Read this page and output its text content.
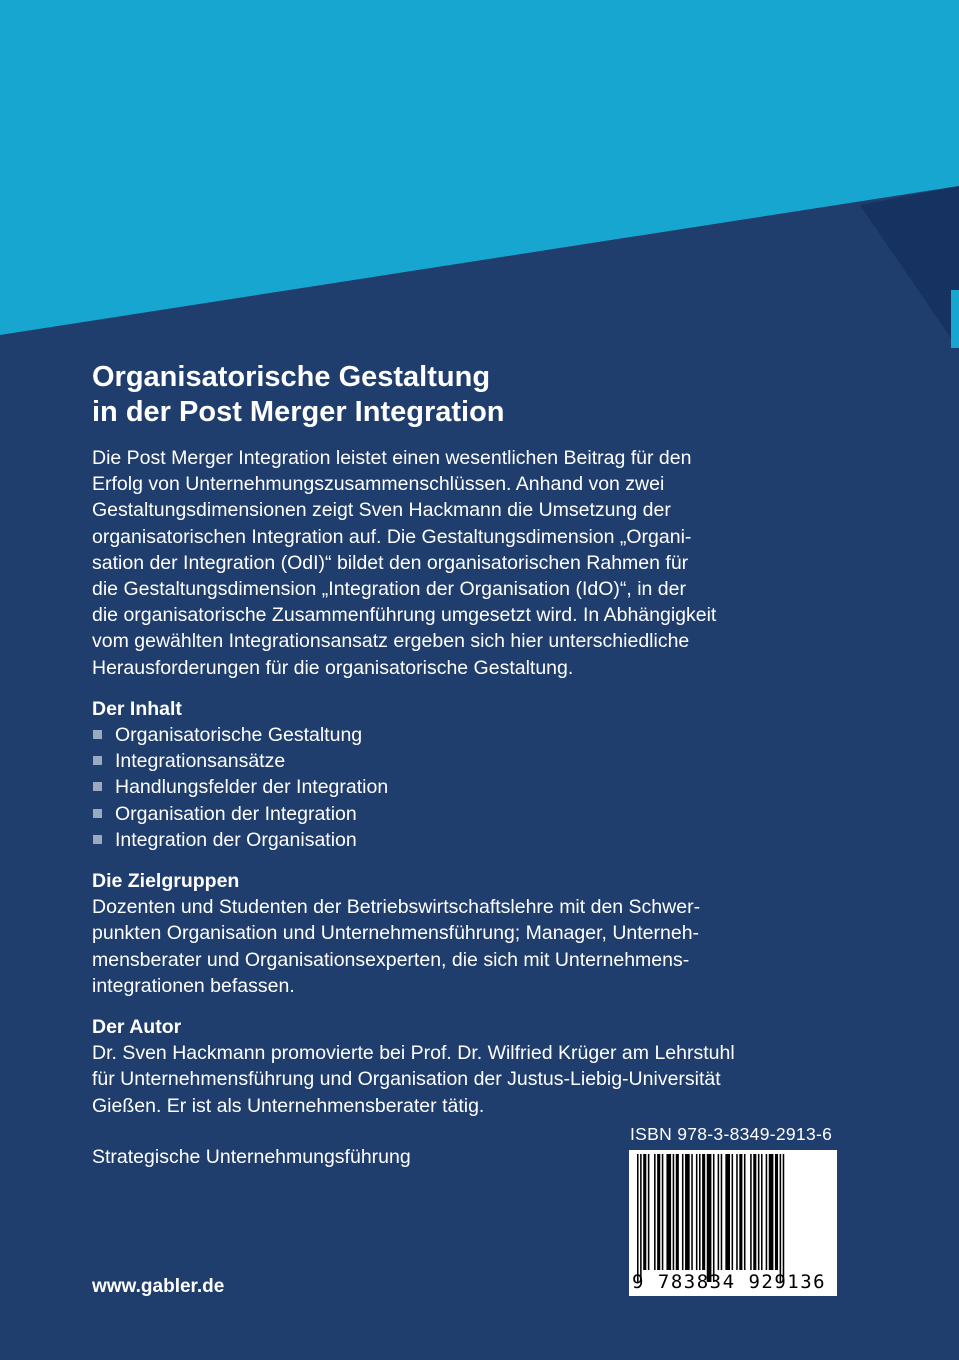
Organisatorische Gestaltung
in der Post Merger Integration
Die Post Merger Integration leistet einen wesentlichen Beitrag für den
Erfolg von Unternehmungszusammenschlüssen. Anhand von zwei
Gestaltungsdimensionen zeigt Sven Hackmann die Umsetzung der
organisatorischen Integration auf. Die Gestaltungsdimension „Organi-
sation der Integration (OdI)“ bildet den organisatorischen Rahmen für
die Gestaltungsdimension „Integration der Organisation (IdO)“, in der
die organisatorische Zusammenführung umgesetzt wird. In Abhängigkeit
vom gewählten Integrationsansatz ergeben sich hier unterschiedliche
Herausforderungen für die organisatorische Gestaltung.
Der Inhalt
Organisatorische Gestaltung
Integrationsansätze
Handlungsfelder der Integration
Organisation der Integration
Integration der Organisation
Die Zielgruppen
Dozenten und Studenten der Betriebswirtschaftslehre mit den Schwer-
punkten Organisation und Unternehmensführung; Manager, Unterneh-
mensberater und Organisationsexperten, die sich mit Unternehmens-
integrationen befassen.
Der Autor
Dr. Sven Hackmann promovierte bei Prof. Dr. Wilfried Krüger am Lehrstuhl
für Unternehmensführung und Organisation der Justus-Liebig-Universität
Gießen. Er ist als Unternehmensberater tätig.
Strategische Unternehmungsführung
www.gabler.de
ISBN 978-3-8349-2913-6
9 783834 929136
